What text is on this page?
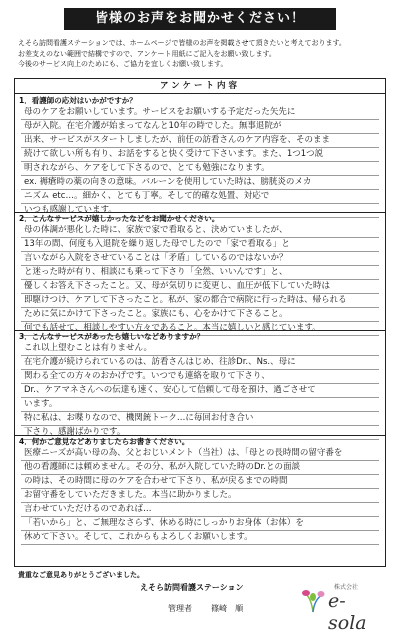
皆様のお声をお聞かせください！
えそら訪問看護ステーションでは、ホームページで皆様のお声を掲載させて頂きたいと考えております。
お差支えのない範囲で結構ですので、アンケート用紙にご記入をお願い致します。
今後のサービス向上のためにも、ご協力を宜しくお願い致します。
アンケート内容
1．看護師の応対はいかがですか？
母のケアをお願いしています。サービスをお願いする予定だった矢先に
母が入院。在宅介護が始まってなんと10年の時でした。無事退院が
出来、サービスがスタートしましたが、前任の訪看さんのケア内容を、そのまま
続けて欲しい所も有り、お話をすると快く受けて下さいます。また、1つ1つ説
明されながら、ケアをして下さるので、とても勉強になります。
ex. 褥瘡時の薬の向きの意味。バルーンを使用していた時は、膀胱炎のメカ
ニズム etc…。細かく、とても丁寧。そして的確な処置、対応で
いつも感謝しています。
2．こんなサービスが嬉しかったなどをお聞かせください。
母の体調が悪化した時に、家族で家で看取ると、決めていましたが、
13年の間、何度も入退院を繰り返した母でしたので「家で看取る」と
言いながら入院をさせていることは「矛盾」しているのではないか？
と迷った時が有り、相談にも乗って下さり「全然、いいんです」と、
優しくお答え下さったこと。又、母が気切りに変更し、血圧が低下していた時は
即駆けつけ、ケアして下さったこと。私が、家の都合で病院に行った時は、帰られる
ために気にかけて下さったこと。家族にも、心をかけて下さること。
何でも話せて、相談しやすい方々であること。本当に嬉しいと感じています。
3．こんなサービスがあったら嬉しいなどありますか？
これ以上望むことは有りません。
在宅介護が続けられているのは、訪看さんはじめ、往診Dr.、Ns.、母に
関わる全ての方々のおかげです。いつでも連絡を取りて下さり、
Dr.、ケアマネさんへの伝達も速く、安心して信頼して母を預け、過ごさせて
います。
特に私は、お喋りなので、機関銃トーク…に毎回お付き合い
下さり、感謝ばかりです。
4．何かご意見などありましたらお書きください。
医療ニーズが高い母の為、父とおじいメント（当社）は、「母との長時間の留守番を
他の看護師には頼めません。その分、私が入院していた時のDr.との面談
の時は、その時間に母のケアを合わせて下さり、私が戻るまでの時間
お留守番をしていただきました。本当に助かりました。
言わせていただけるのであれば…
「若いから」と、ご無理なさらず、休める時にしっかりお身体（お体）を
休めて下さい。そして、これからもよろしくお願いします。
貴重なご意見ありがとうございました。
えそら訪問看護ステーション
管理者 篠崎　順
株式会社
e-sola
